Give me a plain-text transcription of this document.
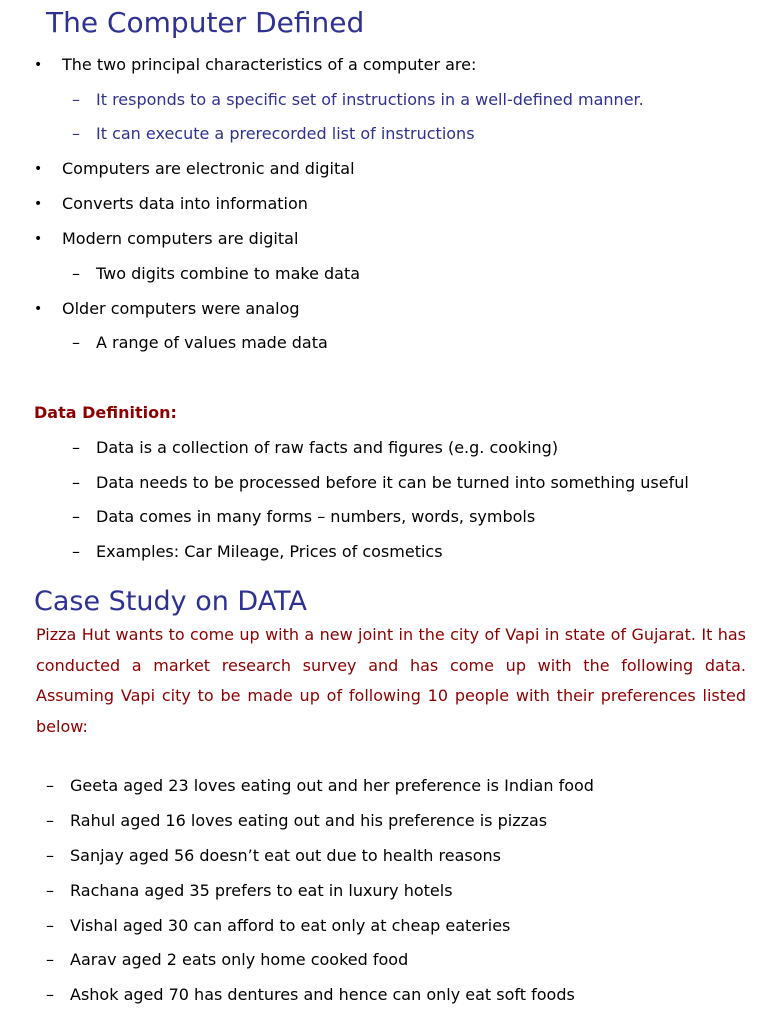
The Computer Defined
• The two principal characteristics of a computer are:
– It responds to a specific set of instructions in a well-defined manner.
– It can execute a prerecorded list of instructions
• Computers are electronic and digital
• Converts data into information
• Modern computers are digital
– Two digits combine to make data
• Older computers were analog
– A range of values made data
Data Definition:
– Data is a collection of raw facts and figures (e.g. cooking)
– Data needs to be processed before it can be turned into something useful
– Data comes in many forms – numbers, words, symbols
– Examples: Car Mileage, Prices of cosmetics
Case Study on DATA

Pizza Hut wants to come up with a new joint in the city of Vapi in state of Gujarat. It has conducted a market research survey and has come up with the following data. Assuming Vapi city to be made up of following 10 people with their preferences listed below:

– Geeta aged 23 loves eating out and her preference is Indian food
– Rahul aged 16 loves eating out and his preference is pizzas
– Sanjay aged 56 doesn’t eat out due to health reasons
– Rachana aged 35 prefers to eat in luxury hotels
– Vishal aged 30 can afford to eat only at cheap eateries
– Aarav aged 2 eats only home cooked food
– Ashok aged 70 has dentures and hence can only eat soft foods
